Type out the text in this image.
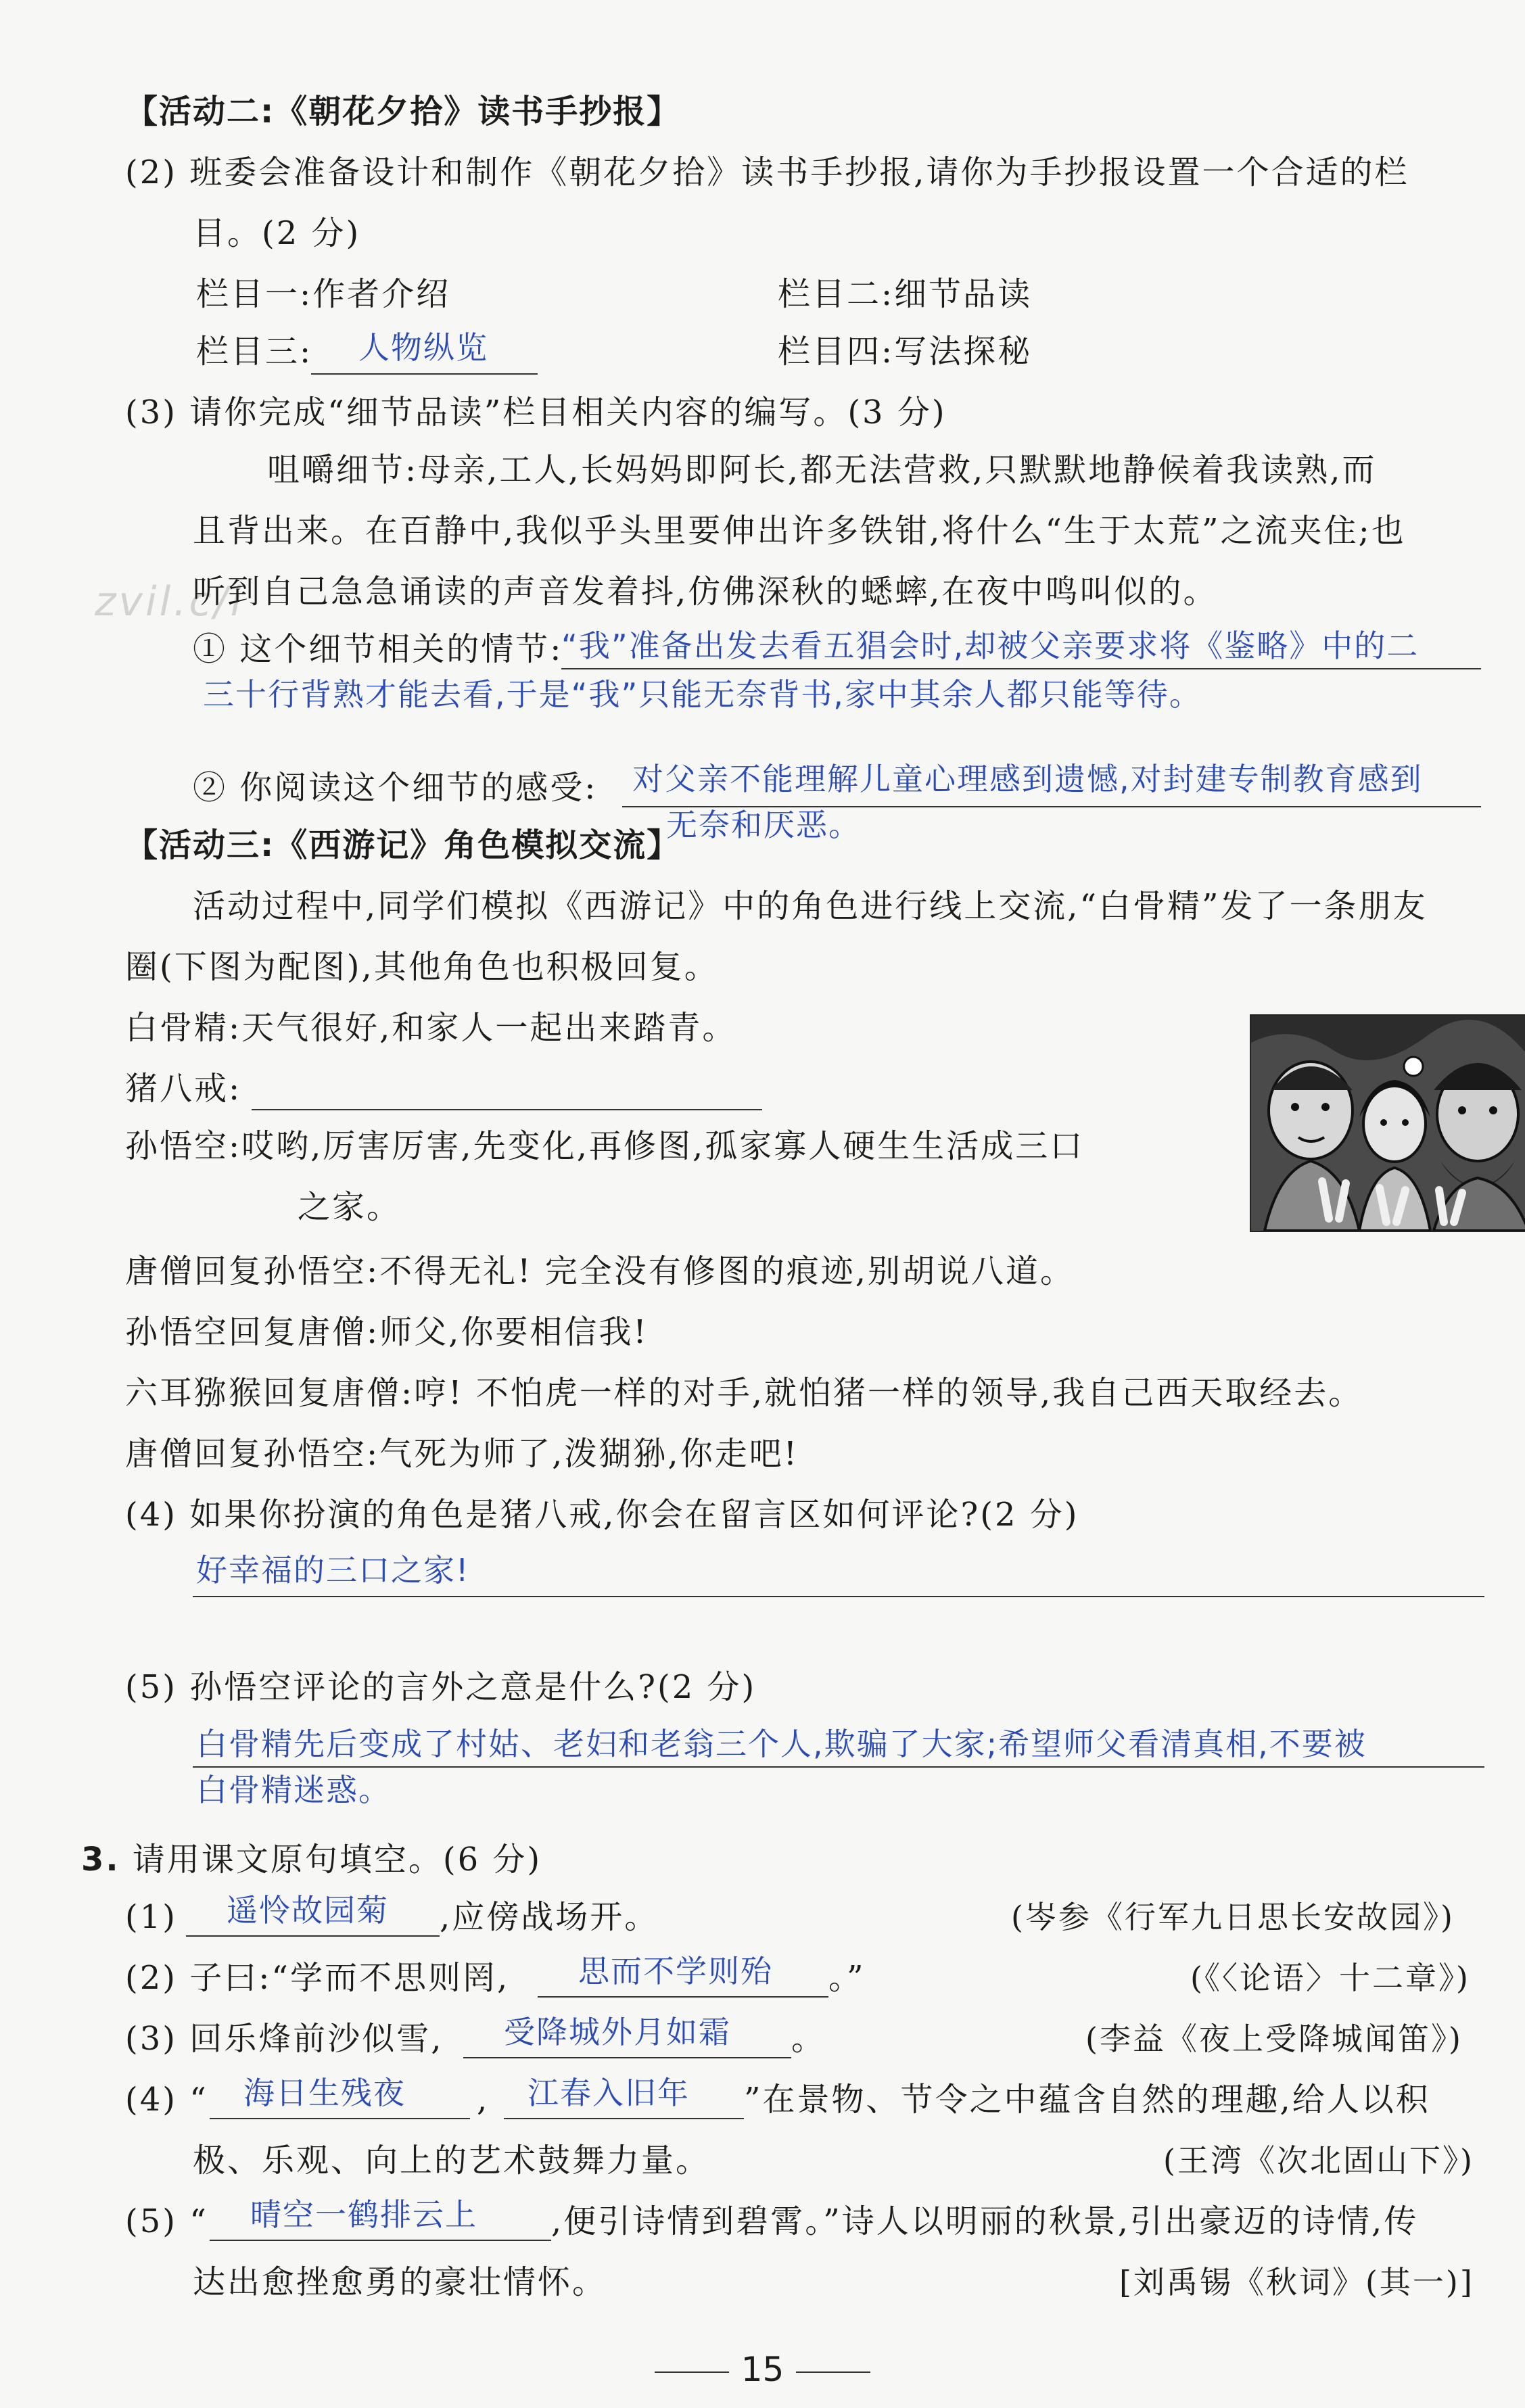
zvil.c/i
【活动二:《朝花夕拾》读书手抄报】
(2) 班委会准备设计和制作《朝花夕拾》读书手抄报,请你为手抄报设置一个合适的栏
目。(2 分)
栏目一:作者介绍	栏目二:细节品读
栏目三: 人物纵览	栏目四:写法探秘
(3) 请你完成“细节品读”栏目相关内容的编写。(3 分)
咀嚼细节:母亲,工人,长妈妈即阿长,都无法营救,只默默地静候着我读熟,而
且背出来。在百静中,我似乎头里要伸出许多铁钳,将什么“生于太荒”之流夹住;也
听到自己急急诵读的声音发着抖,仿佛深秋的蟋蟀,在夜中鸣叫似的。
① 这个细节相关的情节:
“我”准备出发去看五猖会时,却被父亲要求将《鉴略》中的二
三十行背熟才能去看,于是“我”只能无奈背书,家中其余人都只能等待。
② 你阅读这个细节的感受: 对父亲不能理解儿童心理感到遗憾,对封建专制教育感到
无奈和厌恶。
【活动三:《西游记》角色模拟交流】
活动过程中,同学们模拟《西游记》中的角色进行线上交流,“白骨精”发了一条朋友
圈(下图为配图),其他角色也积极回复。
白骨精:天气很好,和家人一起出来踏青。
猪八戒:
孙悟空:哎哟,厉害厉害,先变化,再修图,孤家寡人硬生生活成三口
之家。
唐僧回复孙悟空:不得无礼! 完全没有修图的痕迹,别胡说八道。
孙悟空回复唐僧:师父,你要相信我!
六耳猕猴回复唐僧:哼! 不怕虎一样的对手,就怕猪一样的领导,我自己西天取经去。
唐僧回复孙悟空:气死为师了,泼猢狲,你走吧!
(4) 如果你扮演的角色是猪八戒,你会在留言区如何评论?(2 分)
好幸福的三口之家!
(5) 孙悟空评论的言外之意是什么?(2 分)
白骨精先后变成了村姑、老妇和老翁三个人,欺骗了大家;希望师父看清真相,不要被
白骨精迷惑。
3. 请用课文原句填空。(6 分)
(1) 遥怜故园菊 ,应傍战场开。	(岑参《行军九日思长安故园》)
(2) 子曰:“学而不思则罔, 思而不学则殆 。”	(《〈论语〉十二章》)
(3) 回乐烽前沙似雪, 受降城外月如霜 。	(李益《夜上受降城闻笛》)
(4) “ 海日生残夜 , 江春入旧年 ”在景物、节令之中蕴含自然的理趣,给人以积
极、乐观、向上的艺术鼓舞力量。	(王湾《次北固山下》)
(5) “ 晴空一鹤排云上 ,便引诗情到碧霄。”诗人以明丽的秋景,引出豪迈的诗情,传
达出愈挫愈勇的豪壮情怀。	[刘禹锡《秋词》(其一)]
15
